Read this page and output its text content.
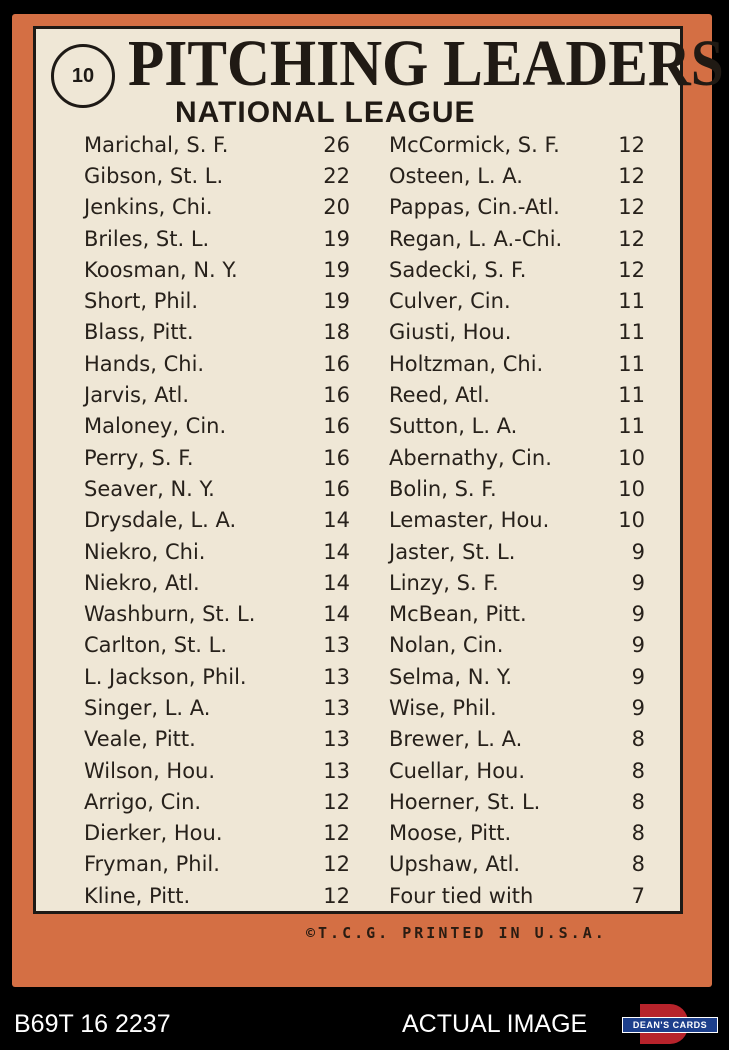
10 PITCHING LEADERS
NATIONAL LEAGUE
Marichal, S. F.	26
Gibson, St. L.	22
Jenkins, Chi.	20
Briles, St. L.	19
Koosman, N. Y.	19
Short, Phil.	19
Blass, Pitt.	18
Hands, Chi.	16
Jarvis, Atl.	16
Maloney, Cin.	16
Perry, S. F.	16
Seaver, N. Y.	16
Drysdale, L. A.	14
Niekro, Chi.	14
Niekro, Atl.	14
Washburn, St. L.	14
Carlton, St. L.	13
L. Jackson, Phil.	13
Singer, L. A.	13
Veale, Pitt.	13
Wilson, Hou.	13
Arrigo, Cin.	12
Dierker, Hou.	12
Fryman, Phil.	12
Kline, Pitt.	12
McCormick, S. F.	12
Osteen, L. A.	12
Pappas, Cin.-Atl.	12
Regan, L. A.-Chi.	12
Sadecki, S. F.	12
Culver, Cin.	11
Giusti, Hou.	11
Holtzman, Chi.	11
Reed, Atl.	11
Sutton, L. A.	11
Abernathy, Cin.	10
Bolin, S. F.	10
Lemaster, Hou.	10
Jaster, St. L.	9
Linzy, S. F.	9
McBean, Pitt.	9
Nolan, Cin.	9
Selma, N. Y.	9
Wise, Phil.	9
Brewer, L. A.	8
Cuellar, Hou.	8
Hoerner, St. L.	8
Moose, Pitt.	8
Upshaw, Atl.	8
Four tied with	7
©T.C.G. PRINTED IN U.S.A.
B69T 16 2237	ACTUAL IMAGE	DEAN'S CARDS
